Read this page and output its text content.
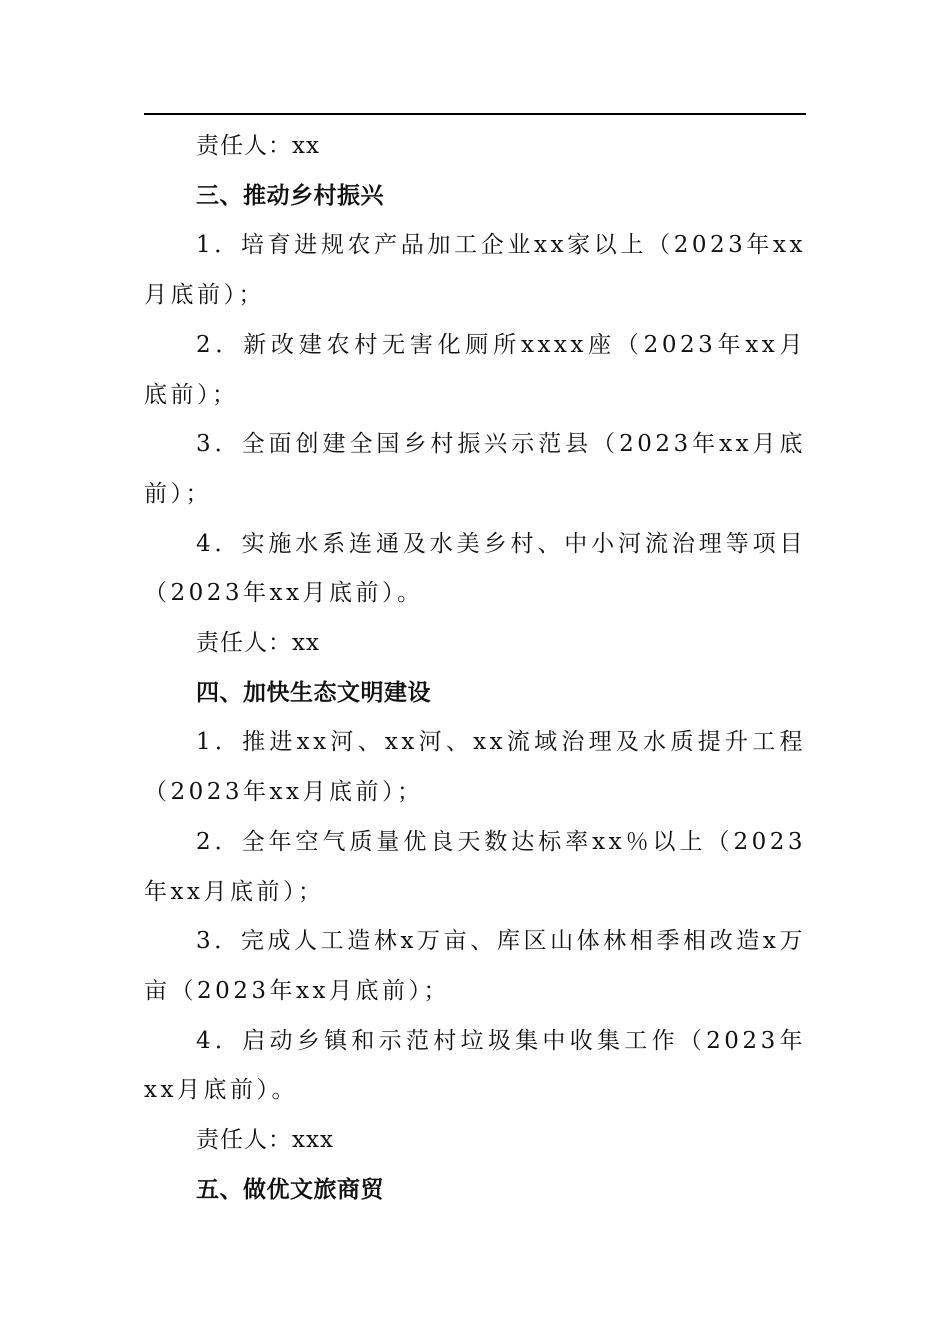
责任人：xx

三、推动乡村振兴

1．培育进规农产品加工企业xx家以上（2023年xx月底前）；

2．新改建农村无害化厕所xxxx座（2023年xx月底前）；

3．全面创建全国乡村振兴示范县（2023年xx月底前）；

4．实施水系连通及水美乡村、中小河流治理等项目（2023年xx月底前）。

责任人：xx

四、加快生态文明建设

1．推进xx河、xx河、xx流域治理及水质提升工程（2023年xx月底前）；

2．全年空气质量优良天数达标率xx％以上（2023年xx月底前）；

3．完成人工造林x万亩、库区山体林相季相改造x万亩（2023年xx月底前）；

4．启动乡镇和示范村垃圾集中收集工作（2023年xx月底前）。

责任人：xxx

五、做优文旅商贸
